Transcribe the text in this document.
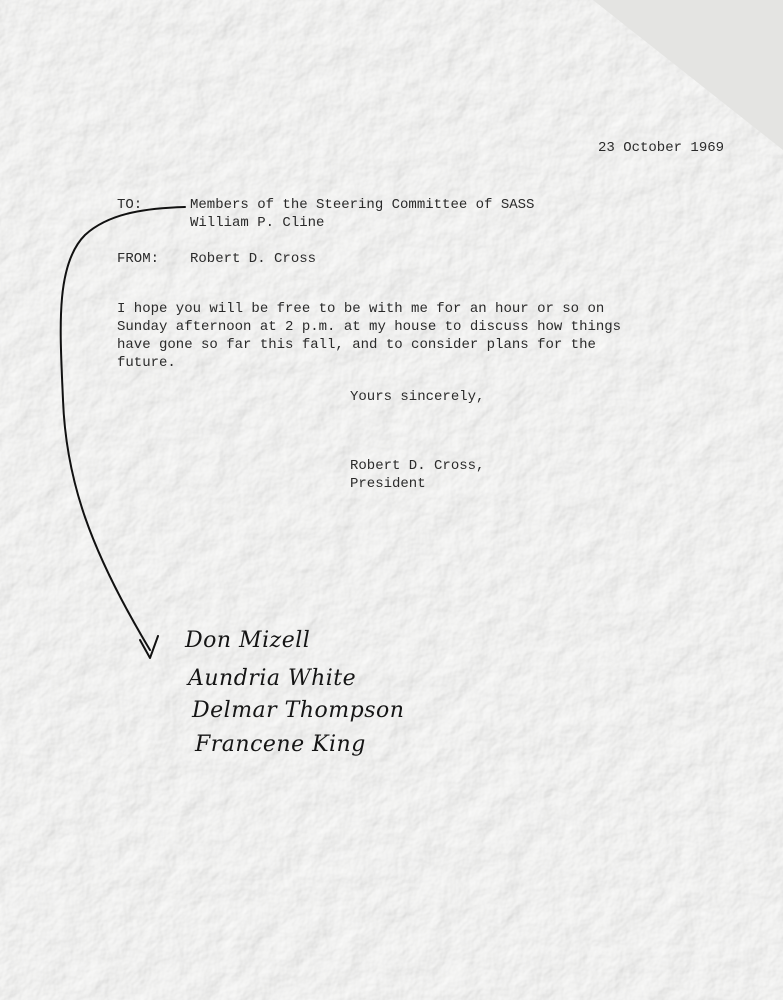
23 October 1969
TO:	Members of the Steering Committee of SASS
William P. Cline
FROM: Robert D. Cross
I hope you will be free to be with me for an hour or so on
Sunday afternoon at 2 p.m. at my house to discuss how things
have gone so far this fall, and to consider plans for the
future.
Yours sincerely,
Robert D. Cross,
President
Don Mizell
Aundria White
Delmar Thompson
Francene King
